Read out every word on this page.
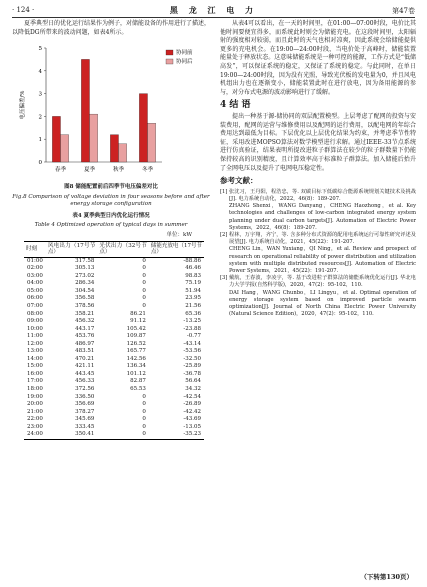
· 124 ·	黑 龙 江 电 力	第47卷

夏季典型日的优化运行结果作为例子，对储能设备的作用进行了描述，以降低DG所带来的波动问题，如表4所示。

0
1
2
3
4
5
电压偏差/%
春季	夏季	秋季	冬季
协同前
协同后
图8 储能配置前后四季节电压偏差对比
Fig.8 Comparison of voltage deviation in four seasons before and after energy storage configuration
表4 夏季典型日内优化运行情况
Table 4 Optimized operation of typical days in summer
单位：kW
时刻	风电出力（17号节点）	光伏出力（32号节点）	储能充放电（17号节点）
01:00	317.58	0	-88.86
02:00	305.13	0	46.46
03:00	273.02	0	98.83
04:00	286.34	0	75.19
05:00	304.54	0	51.94
06:00	356.58	0	23.95
07:00	378.56	0	21.56
08:00	358.21	86.21	65.36
09:00	456.32	91.12	-13.25
10:00	443.17	105.42	-23.88
11:00	453.76	109.87	-0.77
12:00	486.97	126.52	-43.14
13:00	483.51	165.77	-53.56
14:00	470.21	142.56	-32.50
15:00	421.11	136.34	-25.89
16:00	443.45	101.12	-36.78
17:00	456.33	82.87	56.64
18:00	372.56	65.53	34.32
19:00	336.50	0	-42.54
20:00	356.69	0	-26.89
21:00	378.27	0	-42.42
22:00	345.69	0	-43.69
23:00	333.45	0	-13.05
24:00	350.41	0	-35.23

从表4可以看出，在一天的时间里，在01:00—07:00时段，电价比其他时间要便宜得多，而系统此时则会为储能充电。在这段时间里，太阳辐射的强度相对较弱，而且此时的天气也相对凉爽，因此系统会给储能提供更多的充电机会。在19:00—24:00时段，当电价处于高峰时，储能装置能量处于释放状态。这意味储能系统是一种可控的能源，工作方式是“低储高发”，可以保证系统的稳定，又保证了系统的稳定。与此同时，在单日19:00—24:00时段，因为没有光照，导致光伏板的发电量为0，并且风电机组出力也在逐渐变小，储能装置此时在进行放电，因为备用能源的参与，对分布式电源的波动影响进行了缓解。

4 结 语

提出一种基于源-储协同的双层配置模型。上层考虑了配网的投资与安装费用，配网的运营与维修费用以及配网的运行费用，以配电网的年综合费用达到最低为目标。下层优化以上层优化结果为约束，并考虑季节性特征，采用改进MOPSO算法对数学模型进行求解。通过IEEE-33节点系统进行仿真验证，结果表明所提改进粒子群算法在较少的粒子群数量下仍能保持较高的识别精度，且计算效率高于标准粒子群算法。加入储能后抬升了全网电压以及提升了电网电压稳定性。

参考文献：
[1] 张沈习，王丹阳，程浩忠，等. 双碳目标下低碳综合能源系统规划关键技术及挑战[J]. 电力系统自动化，2022，46(8)：189-207.
ZHANG Shenxi，WANG Danyang，CHENG Haozhong，et al. Key technologies and challenges of low-carbon integrated energy system planning under dual carbon targets[J]. Automation of Electric Power Systems，2022，46(8)：189-207.
[2] 程林，万宇翔，齐宁，等. 含多种分布式资源的配用电系统运行可靠性研究评述及展望[J]. 电力系统自动化，2021，45(22)：191-207.
CHENG Lin，WAN Yuxiang，QI Ning，et al. Review and prospect of research on operational reliability of power distribution and utilization system with multiple distributed resources[J]. Automation of Electric Power Systems，2021，45(22)：191-207.
[3] 戴航，王春波，李凌宇，等. 基于改进粒子群算法的储能系统优化运行[J]. 华北电力大学学报(自然科学版)，2020，47(2)：95-102，110.
DAI Hang，WANG Chunbo，LI Lingyu，et al. Optimal operation of energy storage system based on improved particle swarm optimization[J]. Journal of North China Electric Power University (Natural Science Edition)，2020，47(2)：95-102，110.
（下转第130页）
